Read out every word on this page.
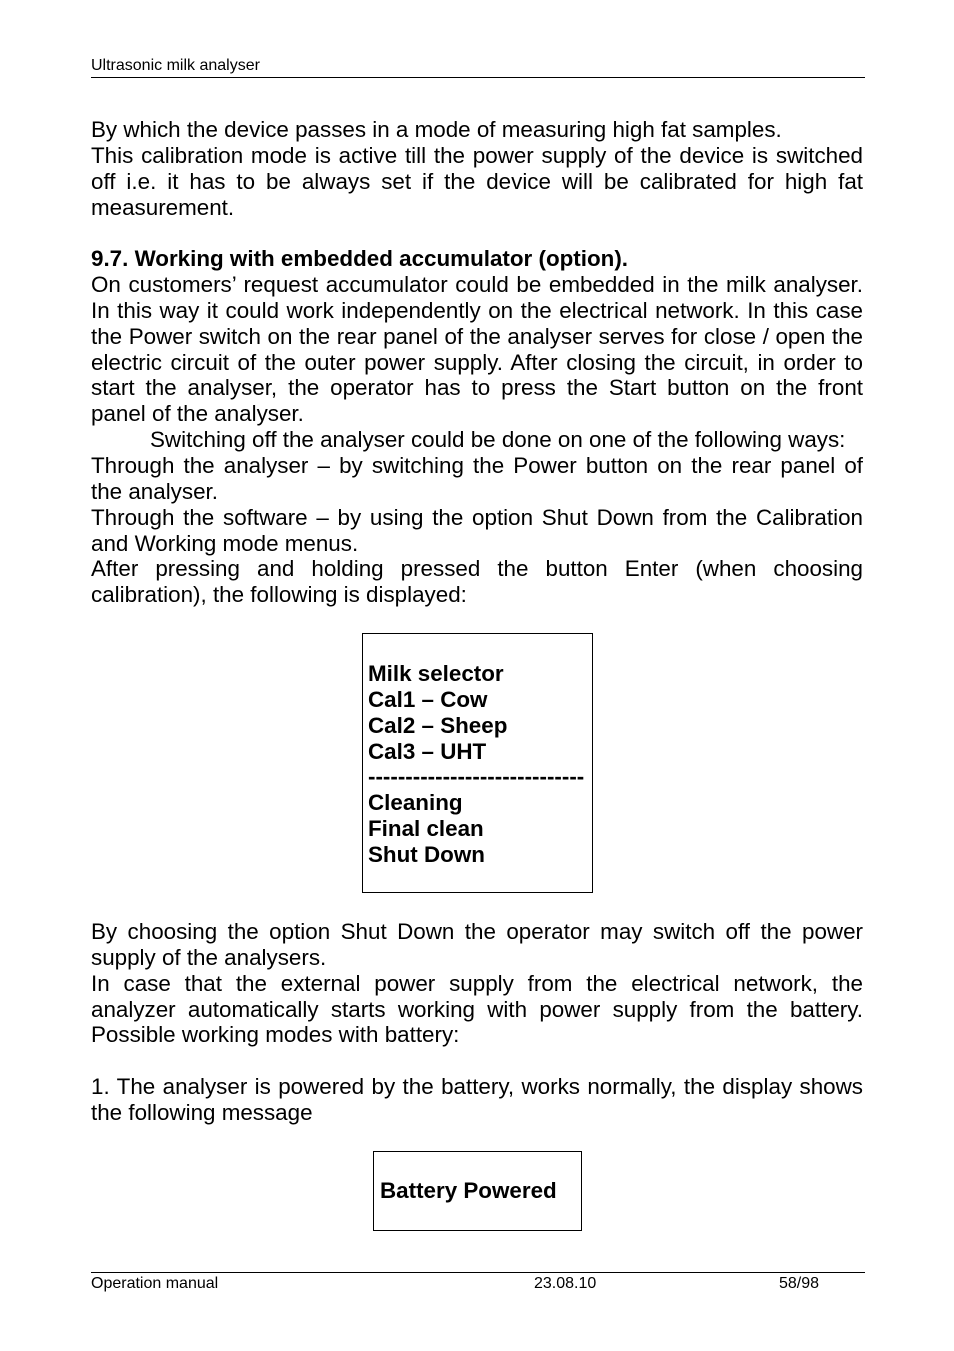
Ultrasonic milk analyser
By which the device passes in a mode of measuring high fat samples.
This calibration mode is active till the power supply of the device is switched
off i.e. it has to be always set if the device will be calibrated for high fat
measurement.
9.7. Working with embedded accumulator (option).
On customers’ request accumulator could be embedded in the milk analyser.
In this way it could work independently on the electrical network. In this case
the Power switch on the rear panel of the analyser serves for close / open the
electric circuit of the outer power supply. After closing the circuit, in order to
start the analyser, the operator has to press the Start button on the front
panel of the analyser.
Switching off the analyser could be done on one of the following ways:
Through the analyser – by switching the Power button on the rear panel of
the analyser.
Through the software – by using the option Shut Down from the Calibration
and Working mode menus.
After pressing and holding pressed the button Enter (when choosing
calibration), the following is displayed:
Milk selector
Cal1 – Cow
Cal2 – Sheep
Cal3 – UHT
-----------------------------
Cleaning
Final clean
Shut Down
By choosing the option Shut Down the operator may switch off the power
supply of the analysers.
In case that the external power supply from the electrical network, the
analyzer automatically starts working with power supply from the battery.
Possible working modes with battery:
1. The analyser is powered by the battery, works normally, the display shows
the following message
Battery Powered
Operation manual	23.08.10	58/98
